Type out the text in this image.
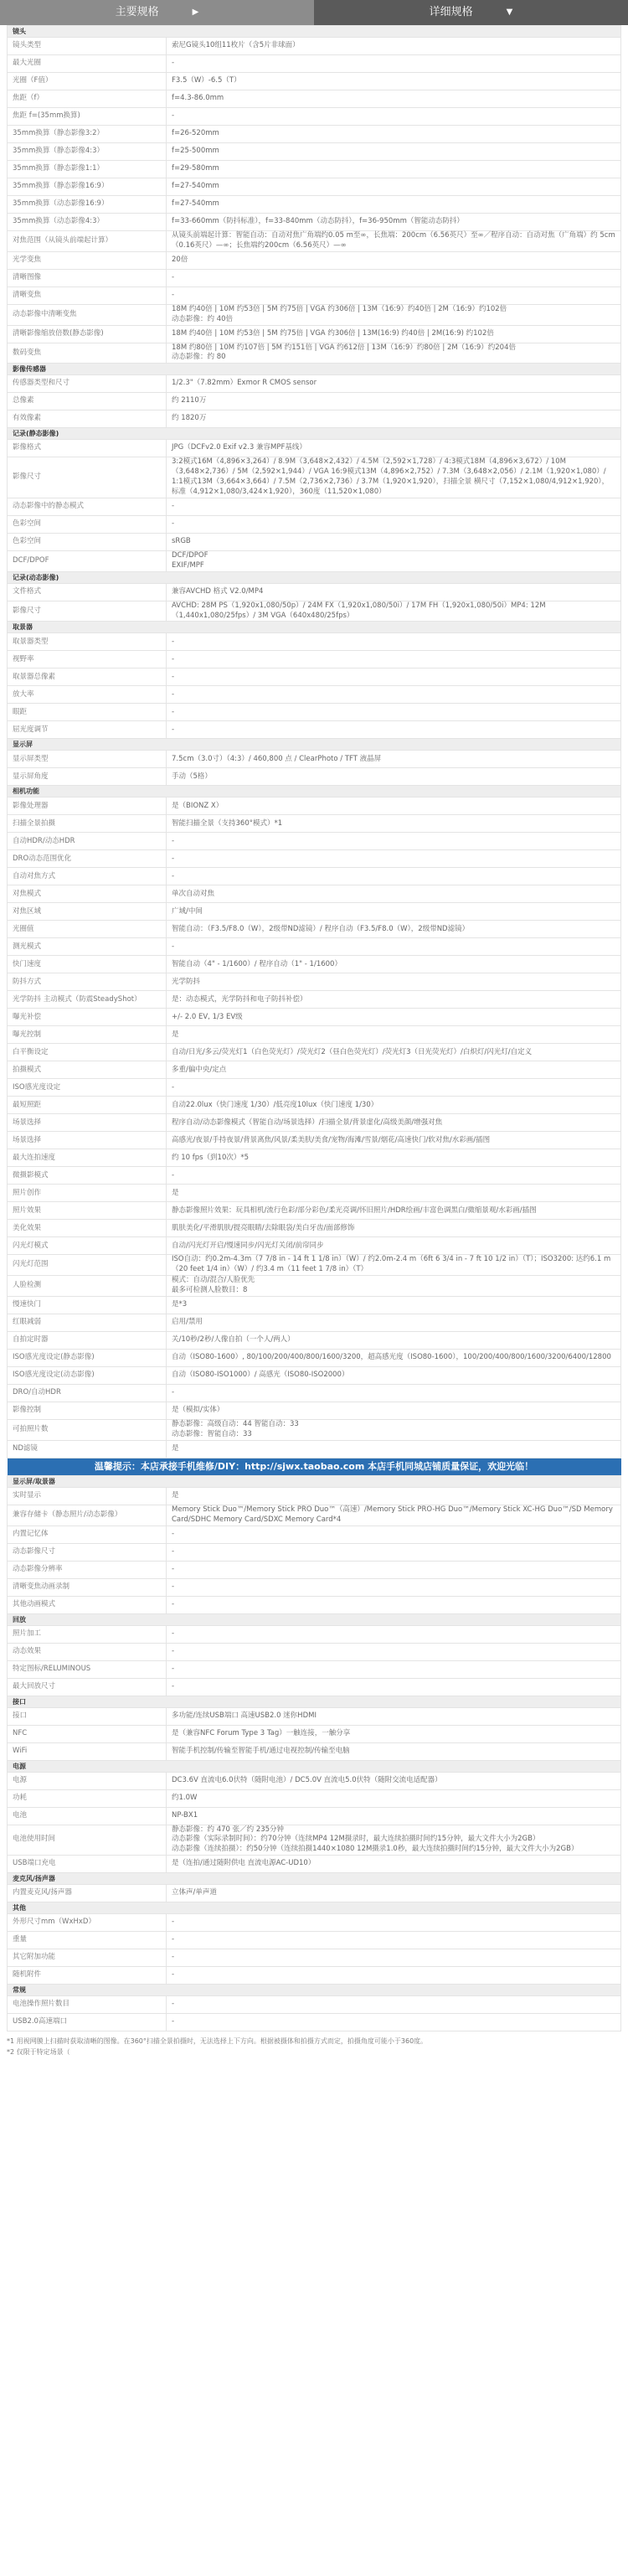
主要规格	▶	详细规格	▼
镜头	
镜头类型	索尼G镜头10组11枚片（含5片非球面）
最大光圈	-
光圈（F值）	F3.5（W）-6.5（T）
焦距（f）	f=4.3-86.0mm
焦距 f=(35mm换算)	-
35mm换算（静态影像3:2）	f=26-520mm
35mm换算（静态影像4:3）	f=25-500mm
35mm换算（静态影像1:1）	f=29-580mm
35mm换算（静态影像16:9）	f=27-540mm
35mm换算（动态影像16:9）	f=27-540mm
35mm换算（动态影像4:3）	f=33-660mm（防抖标准），f=33-840mm（动态防抖），f=36-950mm（智能动态防抖）
对焦范围（从镜头前端起计算）	从镜头前端起计算：智能自动：自动对焦广角端约0.05 m至∞，长焦端：200cm（6.56英尺）至∞／程序自动：自动对焦（广角端）约 5cm（0.16英尺）—∞；长焦端约200cm（6.56英尺）—∞
光学变焦	20倍
清晰图像	-
清晰变焦	-
动态影像中清晰变焦	18M 约40倍 | 10M 约53倍 | 5M 约75倍 | VGA 约306倍 | 13M（16:9）约40倍 | 2M（16:9）约102倍
动态影像：约 40倍
清晰影像缩放倍数(静态影像)	18M 约40倍 | 10M 约53倍 | 5M 约75倍 | VGA 约306倍 | 13M(16:9) 约40倍 | 2M(16:9) 约102倍
数码变焦	18M 约80倍 | 10M 约107倍 | 5M 约151倍 | VGA 约612倍 | 13M（16:9）约80倍 | 2M（16:9）约204倍
动态影像：约 80
影像传感器	
传感器类型和尺寸	1/2.3"（7.82mm）Exmor R CMOS sensor
总像素	约 2110万
有效像素	约 1820万
记录(静态影像)	
影像格式	JPG（DCFv2.0 Exif v2.3 兼容MPF基线）
影像尺寸	3:2模式16M（4,896×3,264）/ 8.9M（3,648×2,432）/ 4.5M（2,592×1,728）/ 4:3模式18M（4,896×3,672）/ 10M（3,648×2,736）/ 5M（2,592×1,944）/ VGA 16:9模式13M（4,896×2,752）/ 7.3M（3,648×2,056）/ 2.1M（1,920×1,080）/ 1:1模式13M（3,664×3,664）/ 7.5M（2,736×2,736）/ 3.7M（1,920×1,920），扫描全景 横尺寸（7,152×1,080/4,912×1,920），标准（4,912×1,080/3,424×1,920），360度（11,520×1,080）
动态影像中的静态模式	-
色彩空间	-
色彩空间	sRGB
DCF/DPOF	DCF/DPOF
EXIF/MPF
记录(动态影像)	
文件格式	兼容AVCHD 格式 V2.0/MP4
影像尺寸	AVCHD: 28M PS（1,920x1,080/50p）/ 24M FX（1,920x1,080/50i）/ 17M FH（1,920x1,080/50i）MP4: 12M（1,440x1,080/25fps）/ 3M VGA（640x480/25fps）
取景器	
取景器类型	-
视野率	-
取景器总像素	-
放大率	-
眼距	-
屈光度调节	-
显示屏	
显示屏类型	7.5cm（3.0寸）（4:3）/ 460,800 点 / ClearPhoto / TFT 液晶屏
显示屏角度	手动（5格）
相机功能	
影像处理器	是（BIONZ X）
扫描全景拍摄	智能扫描全景（支持360°模式）*1
自动HDR/动态HDR	-
DRO动态范围优化	-
自动对焦方式	-
对焦模式	单次自动对焦
对焦区域	广域/中间
光圈值	智能自动：（F3.5/F8.0（W），2级带ND滤镜）/ 程序自动（F3.5/F8.0（W），2级带ND滤镜）
测光模式	-
快门速度	智能自动（4" - 1/1600）/ 程序自动（1" - 1/1600）
防抖方式	光学防抖
光学防抖 主动模式（防震SteadyShot）	是：动态模式，光学防抖和电子防抖补偿）
曝光补偿	+/- 2.0 EV, 1/3 EV级
曝光控制	是
白平衡设定	自动/日光/多云/荧光灯1（白色荧光灯）/荧光灯2（昼白色荧光灯）/荧光灯3（日光荧光灯）/白炽灯/闪光灯/自定义
拍摄模式	多重/偏中央/定点
ISO感光度设定	-
最短照距	自动22.0lux（快门速度 1/30）/低亮度10lux（快门速度 1/30）
场景选择	程序自动/动态影像模式（智能自动/场景选择）/扫描全景/背景虚化/高级美颜/增强对焦
场景选择	高感光/夜景/手持夜景/背景离焦/风景/柔美肤/美食/宠物/海滩/雪景/烟花/高速快门/软对焦/水彩画/插图
最大连拍速度	约 10 fps（到10次）*5
微摄影模式	-
照片创作	是
照片效果	静态影像照片效果：玩具相机/流行色彩/部分彩色/柔光亮调/怀旧照片/HDR绘画/丰富色调黑白/微缩景观/水彩画/插图
美化效果	肌肤美化/平滑肌肤/提亮眼睛/去除眼袋/美白牙齿/面部修饰
闪光灯模式	自动/闪光灯开启/慢速同步/闪光灯关闭/前帘同步
闪光灯范围	ISO自动：约0.2m-4.3m（7 7/8 in - 14 ft 1 1/8 in）（W）/ 约2.0m-2.4 m（6ft 6 3/4 in - 7 ft 10 1/2 in）（T）；ISO3200: 达约6.1 m（20 feet 1/4 in）（W）/ 约3.4 m（11 feet 1 7/8 in）（T）
人脸检测	模式：自动/混合/人脸优先
最多可检测人脸数目：8
慢速快门	是*3
红眼减弱	启用/禁用
自拍定时器	关/10秒/2秒/人像自拍（一个人/两人）
ISO感光度设定(静态影像)	自动（ISO80-1600）, 80/100/200/400/800/1600/3200，超高感光度（ISO80-1600），100/200/400/800/1600/3200/6400/12800
ISO感光度设定(动态影像)	自动（ISO80-ISO1000）/ 高感光（ISO80-ISO2000）
DRO/自动HDR	-
影像控制	是（模拟/实体）
可拍照片数	静态影像：高级自动：44 智能自动：33
动态影像：智能自动：33
ND滤镜	是

温馨提示：本店承接手机维修/DIY：http://sjwx.taobao.com 本店手机同城店铺质量保证，欢迎光临！	

显示屏/取景器	
实时显示	是
兼容存储卡（静态照片/动态影像）	Memory Stick Duo™/Memory Stick PRO Duo™（高速）/Memory Stick PRO-HG Duo™/Memory Stick XC-HG Duo™/SD Memory Card/SDHC Memory Card/SDXC Memory Card*4
内置记忆体	-
动态影像尺寸	-
动态影像分辨率	-
清晰变焦动画录制	-
其他动画模式	-
回放	
照片加工	-
动态效果	-
特定图标/RELUMINOUS	-
最大回放尺寸	-
接口	
接口	多功能/连续USB端口 高速USB2.0 迷你HDMI
NFC	是（兼容NFC Forum Type 3 Tag）一触连接，一触分享
WiFi	智能手机控制/传输至智能手机/通过电视控制/传输至电脑
电源	
电源	DC3.6V 直流电6.0伏特（随附电池）/ DC5.0V 直流电5.0伏特（随附交流电适配器）
功耗	约1.0W
电池	NP-BX1
电池使用时间	静态影像：约 470 张／约 235分钟
动态影像（实际录制时间）：约70分钟（连续MP4 12M摄录时，最大连续拍摄时间约15分钟，最大文件大小为2GB）
动态影像（连续拍摄）：约50分钟（连续拍摄1440×1080 12M摄录1.0秒，最大连续拍摄时间约15分钟，最大文件大小为2GB）
USB端口充电	是（连拍/通过随附供电 直流电源AC-UD10）
麦克风/扬声器	
内置麦克风/扬声器	立体声/单声道
其他	
外形尺寸mm（WxHxD）	-
重量	-
其它附加功能	-
随机附件	-
常规	
电池操作照片数目	-
USB2.0高速端口	-

*1 用视网膜上扫描时获取清晰的图像。在360°扫描全景拍摄时，无法选择上下方向。根据被摄体和拍摄方式而定，拍摄角度可能小于360度。

*2 仅限于特定场景（
